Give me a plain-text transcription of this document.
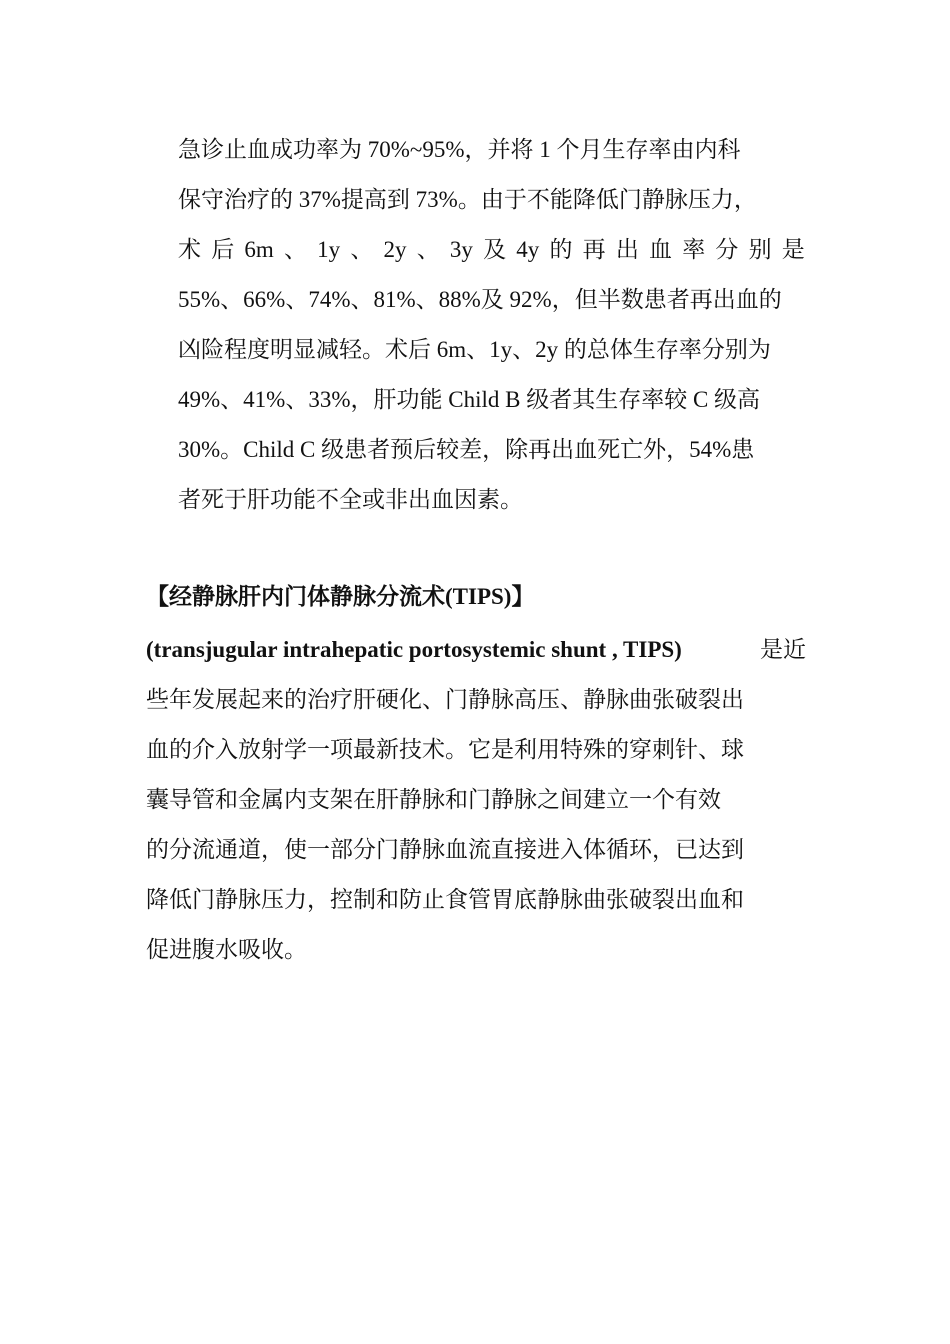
急诊止血成功率为 70%~95%，并将 1 个月生存率由内科
保守治疗的 37%提高到 73%。由于不能降低门静脉压力，
术 后 6m 、 1y 、 2y 、 3y 及 4y 的 再 出 血 率 分 别 是
55%、66%、74%、81%、88%及 92%，但半数患者再出血的
凶险程度明显减轻。术后 6m、1y、2y 的总体生存率分别为
49%、41%、33%，肝功能 Child B 级者其生存率较 C 级高
30%。Child C 级患者预后较差，除再出血死亡外，54%患
者死于肝功能不全或非出血因素。
【经静脉肝内门体静脉分流术(TIPS)】
(transjugular intrahepatic portosystemic shunt , TIPS)	是近
些年发展起来的治疗肝硬化、门静脉高压、静脉曲张破裂出
血的介入放射学一项最新技术。它是利用特殊的穿刺针、球
囊导管和金属内支架在肝静脉和门静脉之间建立一个有效
的分流通道，使一部分门静脉血流直接进入体循环，已达到
降低门静脉压力，控制和防止食管胃底静脉曲张破裂出血和
促进腹水吸收。
